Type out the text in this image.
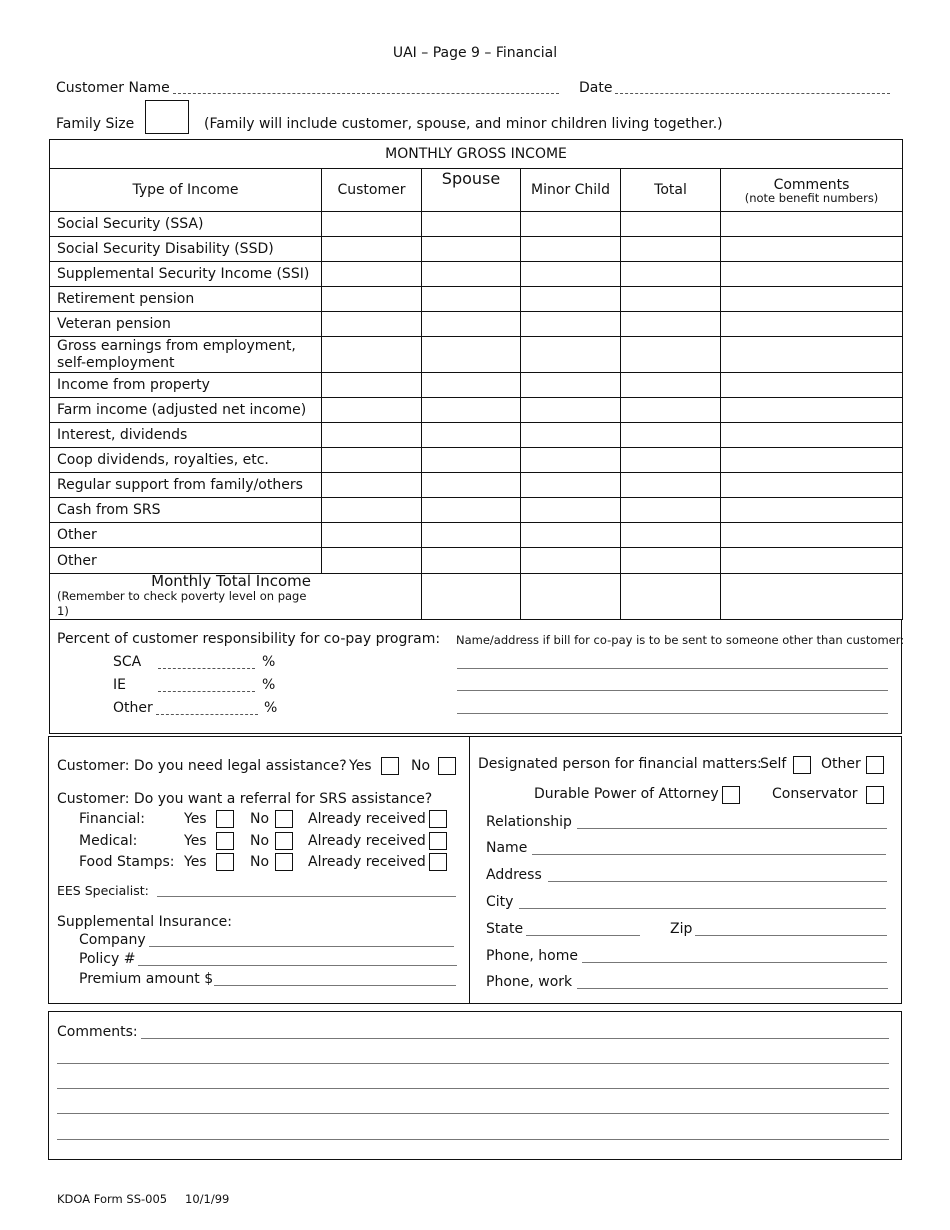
UAI – Page 9 – Financial
Customer Name	Date
Family Size	(Family will include customer, spouse, and minor children living together.)
MONTHLY GROSS INCOME					
Type of Income	Customer	Spouse	Minor Child	Total	Comments
(note benefit numbers)

Social Security (SSA)					
Social Security Disability (SSD)					
Supplemental Security Income (SSI)					
Retirement pension					
Veteran pension					
Gross earnings from employment, self-employment					
Income from property					
Farm income (adjusted net income)					
Interest, dividends					
Coop dividends, royalties, etc.					
Regular support from family/others					
Cash from SRS					
Other					
Other					

Monthly Total Income
(Remember to check poverty level on page 1)					

Percent of customer responsibility for co-pay program:
SCA	%
IE	%
Other	%
Name/address if bill for co-pay is to be sent to someone other than customer:
Customer: Do you need legal assistance? Yes	No
Customer: Do you want a referral for SRS assistance?
Financial:	Yes	No	Already received
Medical:	Yes	No	Already received
Food Stamps: Yes	No	Already received
EES Specialist:
Supplemental Insurance:
Company
Policy #
Premium amount $
Designated person for financial matters:
Self Other
Durable Power of Attorney	Conservator
Relationship
Name
Address
City
State	Zip
Phone, home
Phone, work
Comments:
KDOA Form SS-005 10/1/99
